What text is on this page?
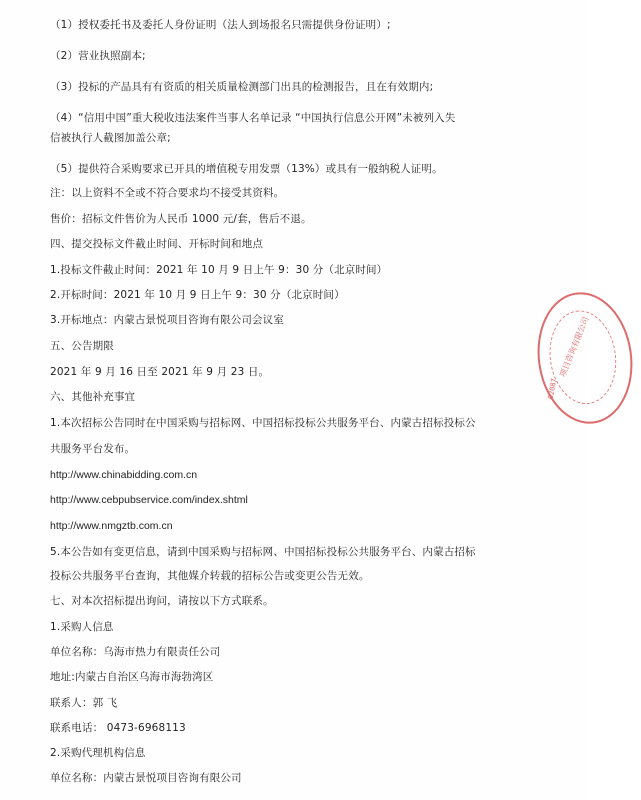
（1）授权委托书及委托人身份证明（法人到场报名只需提供身份证明）;
（2）营业执照副本;
（3）投标的产品具有有资质的相关质量检测部门出具的检测报告，且在有效期内;
（4）“信用中国”重大税收违法案件当事人名单记录 “中国执行信息公开网”未被列入失
信被执行人截图加盖公章;
（5）提供符合采购要求已开具的增值税专用发票（13%）或具有一般纳税人证明。
注：以上资料不全或不符合要求均不接受其资料。
售价：招标文件售价为人民币 1000 元/套，售后不退。
四、提交投标文件截止时间、开标时间和地点
1.投标文件截止时间：2021 年 10 月 9 日上午 9：30 分（北京时间）
2.开标时间：2021 年 10 月 9 日上午 9：30 分（北京时间）
3.开标地点：内蒙古景悦项目咨询有限公司会议室
五、公告期限
2021 年 9 月 16 日至 2021 年 9 月 23 日。
六、其他补充事宜
1.本次招标公告同时在中国采购与招标网、中国招标投标公共服务平台、内蒙古招标投标公
共服务平台发布。
http://www.chinabidding.com.cn
http://www.cebpubservice.com/index.shtml
http://www.nmgztb.com.cn
5.本公告如有变更信息，请到中国采购与招标网、中国招标投标公共服务平台、内蒙古招标
投标公共服务平台查询，其他媒介转载的招标公告或变更公告无效。
七、对本次招标提出询问，请按以下方式联系。
1.采购人信息
单位名称：乌海市热力有限责任公司
地址:内蒙古自治区乌海市海勃湾区
联系人：郭 飞
联系电话： 0473-6968113
2.采购代理机构信息
单位名称：内蒙古景悦项目咨询有限公司
项目咨询有限公司
02087
